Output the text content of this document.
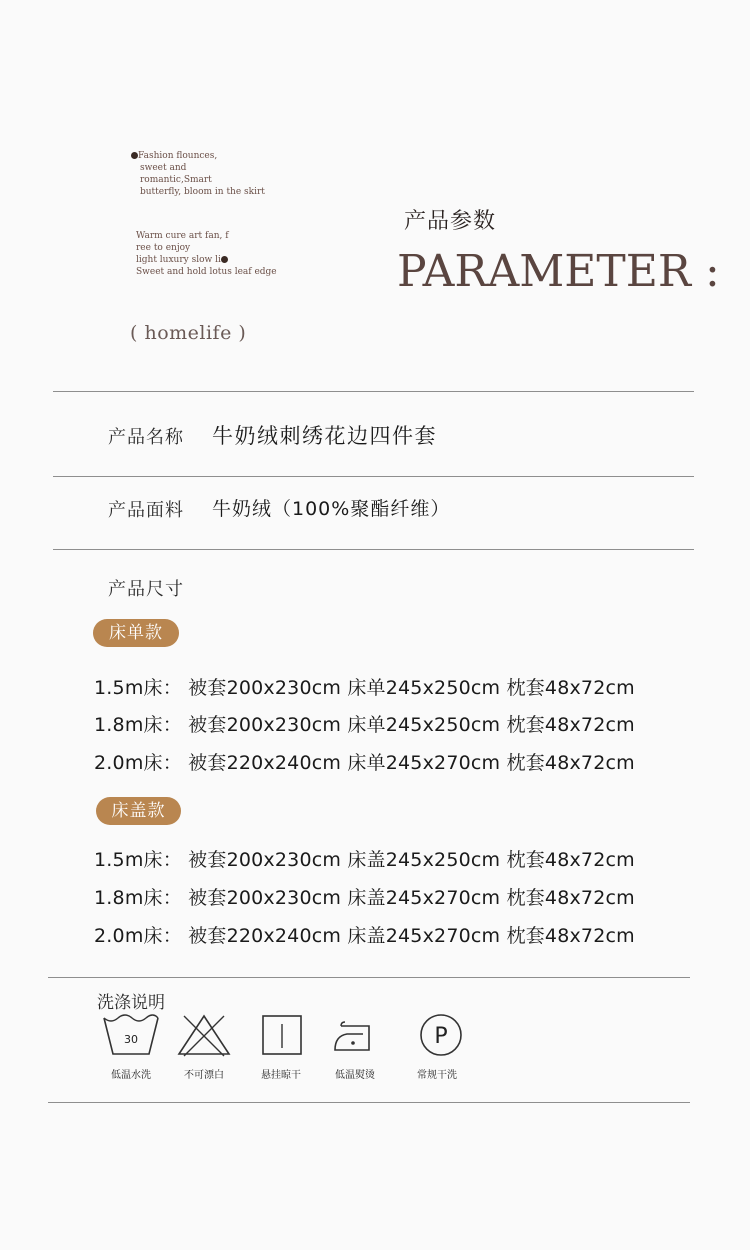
Fashion flounces,
sweet and
romantic,Smart
butterfly, bloom in the skirt
Warm cure art fan, f
ree to enjoy
light luxury slow li
Sweet and hold lotus leaf edge
( homelife )
产品参数
PARAMETER :
产品名称 牛奶绒刺绣花边四件套
产品面料 牛奶绒（100%聚酯纤维）
产品尺寸
床单款
1.5m床： 被套200x230cm 床单245x250cm 枕套48x72cm
1.8m床： 被套200x230cm 床单245x250cm 枕套48x72cm
2.0m床： 被套220x240cm 床单245x270cm 枕套48x72cm
床盖款
1.5m床： 被套200x230cm 床盖245x250cm 枕套48x72cm
1.8m床： 被套200x230cm 床盖245x270cm 枕套48x72cm
2.0m床： 被套220x240cm 床盖245x270cm 枕套48x72cm
洗涤说明
30
低温水洗	不可漂白	悬挂晾干	低温熨烫
P
常规干洗
